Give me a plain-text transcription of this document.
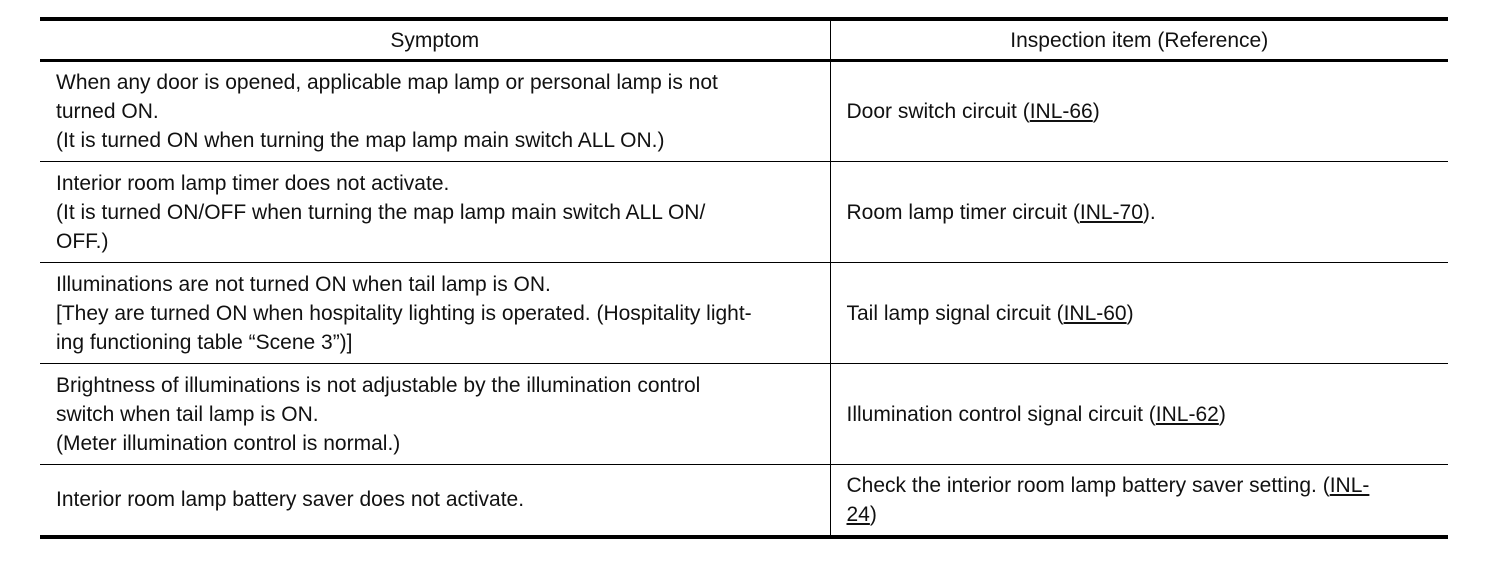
Symptom	Inspection item (Reference)

When any door is opened, applicable map lamp or personal lamp is not
turned ON.
(It is turned ON when turning the map lamp main switch ALL ON.)	Door switch circuit (INL-66)

Interior room lamp timer does not activate.
(It is turned ON/OFF when turning the map lamp main switch ALL ON/
OFF.)	Room lamp timer circuit (INL-70).

Illuminations are not turned ON when tail lamp is ON.
[They are turned ON when hospitality lighting is operated. (Hospitality light-
ing functioning table “Scene 3”)]	Tail lamp signal circuit (INL-60)

Brightness of illuminations is not adjustable by the illumination control
switch when tail lamp is ON.
(Meter illumination control is normal.)	Illumination control signal circuit (INL-62)

Interior room lamp battery saver does not activate.	Check the interior room lamp battery saver setting. (INL-
24)
